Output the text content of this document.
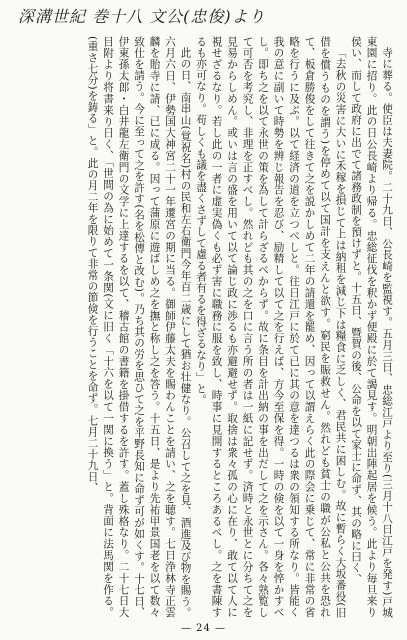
深溝世紀 巻十八 文公(忠俊)より

寺に葬る。使臣は夫妻院。二十九日、公長崎を監視す。五月三日、忠総江戸より至り(三月十八日江戸を発す)戸城東園に招り。此の日公長崎より帰る。忠総征伐を釈かず便殿に於て謁見す。明朝出陣起居を候う。此より毎旦来り侯い、而して政府に出でて諸務政制を預けずと。十五日、暨賀の後、公命を以て家士に命ず、其の略に曰く、

「去秋の災害に大いに禾稼を損じて上は納租を減じ下は糧食に乏しく、君民共に困しむ。故に暫らく大坂番役(旧借を償うものを謂う)を停めて以て国計を支えんと欲す。窮民を賑救せん。然れども貧士の職が公私と公共を恐れて、板倉勝俊をして往きて之を説かしめて二年の請還を罷め、因って以謂えらく此の際会に乗じて、常に非常の省略を行うに及ぶ。以て経済の道を立つべしと。往日江戸に於て已に其の意を達つるは衆の領知する所なり。皆能く我の意に副いて時勢を辨じ報告を忍び、励精して以て之を行えば、方今至保を得。一時の倹を以て一身を悴かすべし。即ち之を以て永世の策を為して計らざるべからず。故に条目を計出納の事を出だして之を示さん。各々熟覧して可否を考究し、非理を正すべし。然れども其の之を口に言う所の者は一紙に記せず。済時と永世とに分ちて之を見易からしめん。或いは言の盛を用いて以て論じ政に渉るも亦避避せず。取捨は衆々孤の心に在り、敢て以て人に視せざるなり。若し此の一者に虚実偽くも必ず害に職務に服を致し、時事に見開するところあるべし。之を書陳するも亦可なり。苟しくも議を盡くさずして慮る者有るを得ざるなり」と。

此の日、南串山(覚祝名)村の民和左右衛門今年百二歳にして猶お壮健なり。公召して之を見、酒進及び物を賜う。六月六日、伊勢国大神宮二十一年遷宮の期に当る。御師伊藤太夫を賜わんことを請い、之を聴す。七日浄林寺正雲麟を貽寺に請、已に成る。因って蒲原に遊ばしめ之を撫と称し之を答う。十五日、是より先祐甲景国老を以て数々致仕を請う。今に至って之を許す(名を松傳と改む)。乃ち其の労を思ひて之を平野長知に命ず可が如くす。十七日、伊東孫太郎・白井龍左衛門の文学に上達するを以て、稽古館の書籍を掛借するを許す。蓋し殊格なり。二十七日大目附より将書来り日く、「世間の為に始めて一条関(文に旧く「十六を以て一関に換う」と。背面に法馬関を作る。(重さ七分)を鋳る」と。此の月二年を限りて非常の節倹を行うことを命ず。七月二十九日、

— 24 —
